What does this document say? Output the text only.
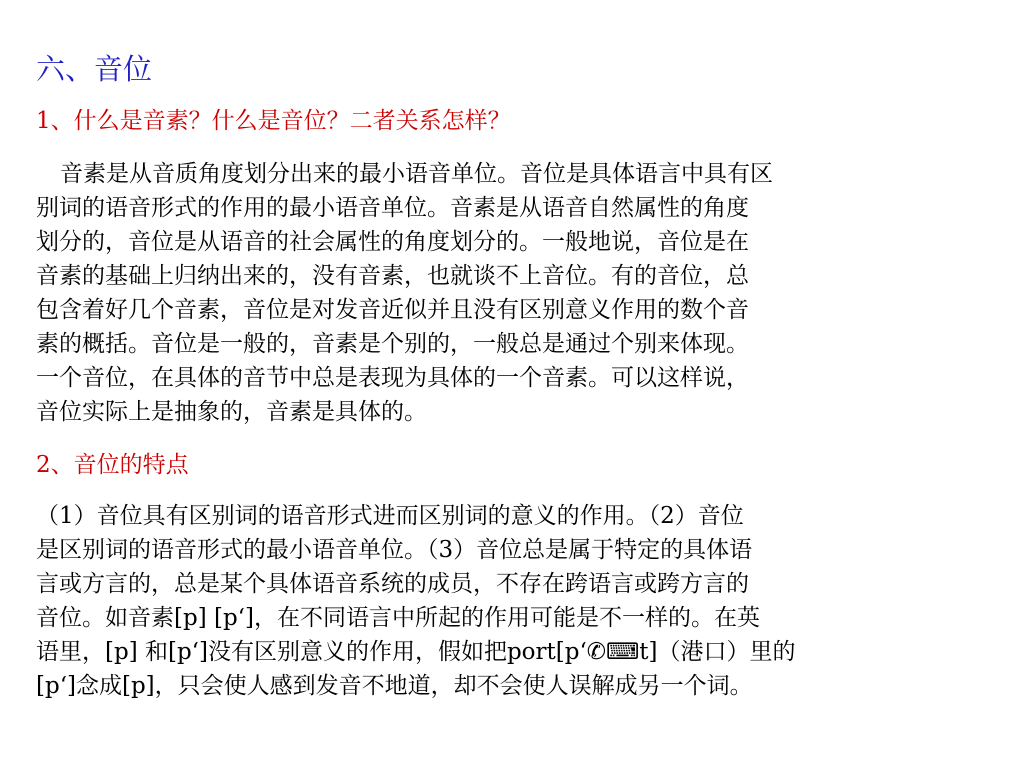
六、音位
1、什么是音素？什么是音位？二者关系怎样？
音素是从音质角度划分出来的最小语音单位。音位是具体语言中具有区
别词的语音形式的作用的最小语音单位。音素是从语音自然属性的角度
划分的，音位是从语音的社会属性的角度划分的。一般地说，音位是在
音素的基础上归纳出来的，没有音素，也就谈不上音位。有的音位，总
包含着好几个音素，音位是对发音近似并且没有区别意义作用的数个音
素的概括。音位是一般的，音素是个别的，一般总是通过个别来体现。
一个音位，在具体的音节中总是表现为具体的一个音素。可以这样说，
音位实际上是抽象的，音素是具体的。
2、音位的特点
（1）音位具有区别词的语音形式进而区别词的意义的作用。（2）音位
是区别词的语音形式的最小语音单位。（3）音位总是属于特定的具体语
言或方言的，总是某个具体语音系统的成员，不存在跨语言或跨方言的
音位。如音素[p] [p‘]，在不同语言中所起的作用可能是不一样的。在英
语里，[p] 和[p‘]没有区别意义的作用，假如把port[p‘✆⌨t]（港口）里的
[p‘]念成[p]，只会使人感到发音不地道，却不会使人误解成另一个词。
